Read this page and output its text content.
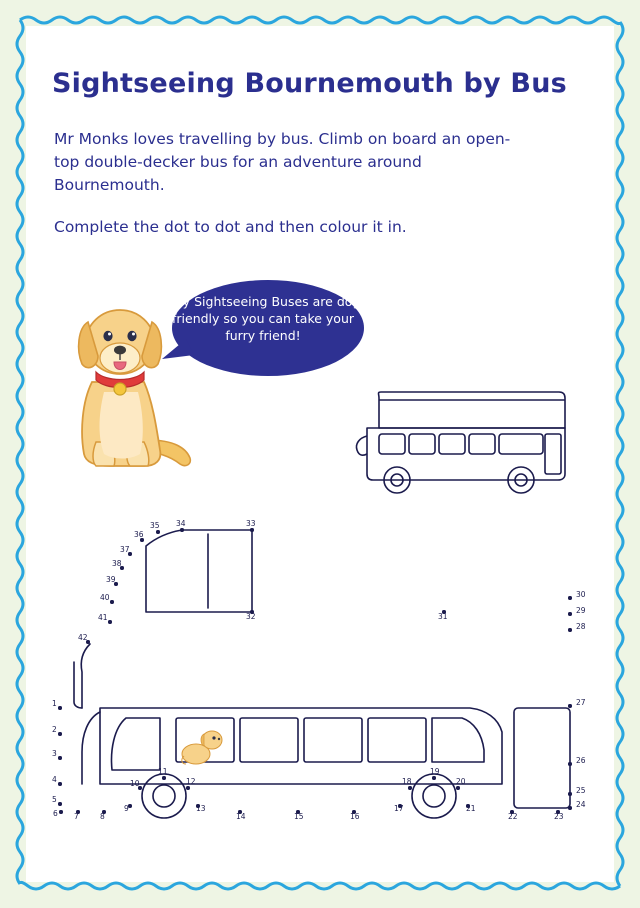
Sightseeing Bournemouth by Bus

Mr Monks loves travelling by bus. Climb on board an open-top double-decker bus for an adventure around Bournemouth.

Complete the dot to dot and then colour it in.

City Sightseeing Buses are dog friendly so you can take your furry friend!
1
2
3
4
5
6 7	8
9
10
11
12
13
14	15	16
17
18
19
20
21
22	23
24
25
26
27
28
29
30
31
32
33
34
35
36
37
38
39
40
41
42
